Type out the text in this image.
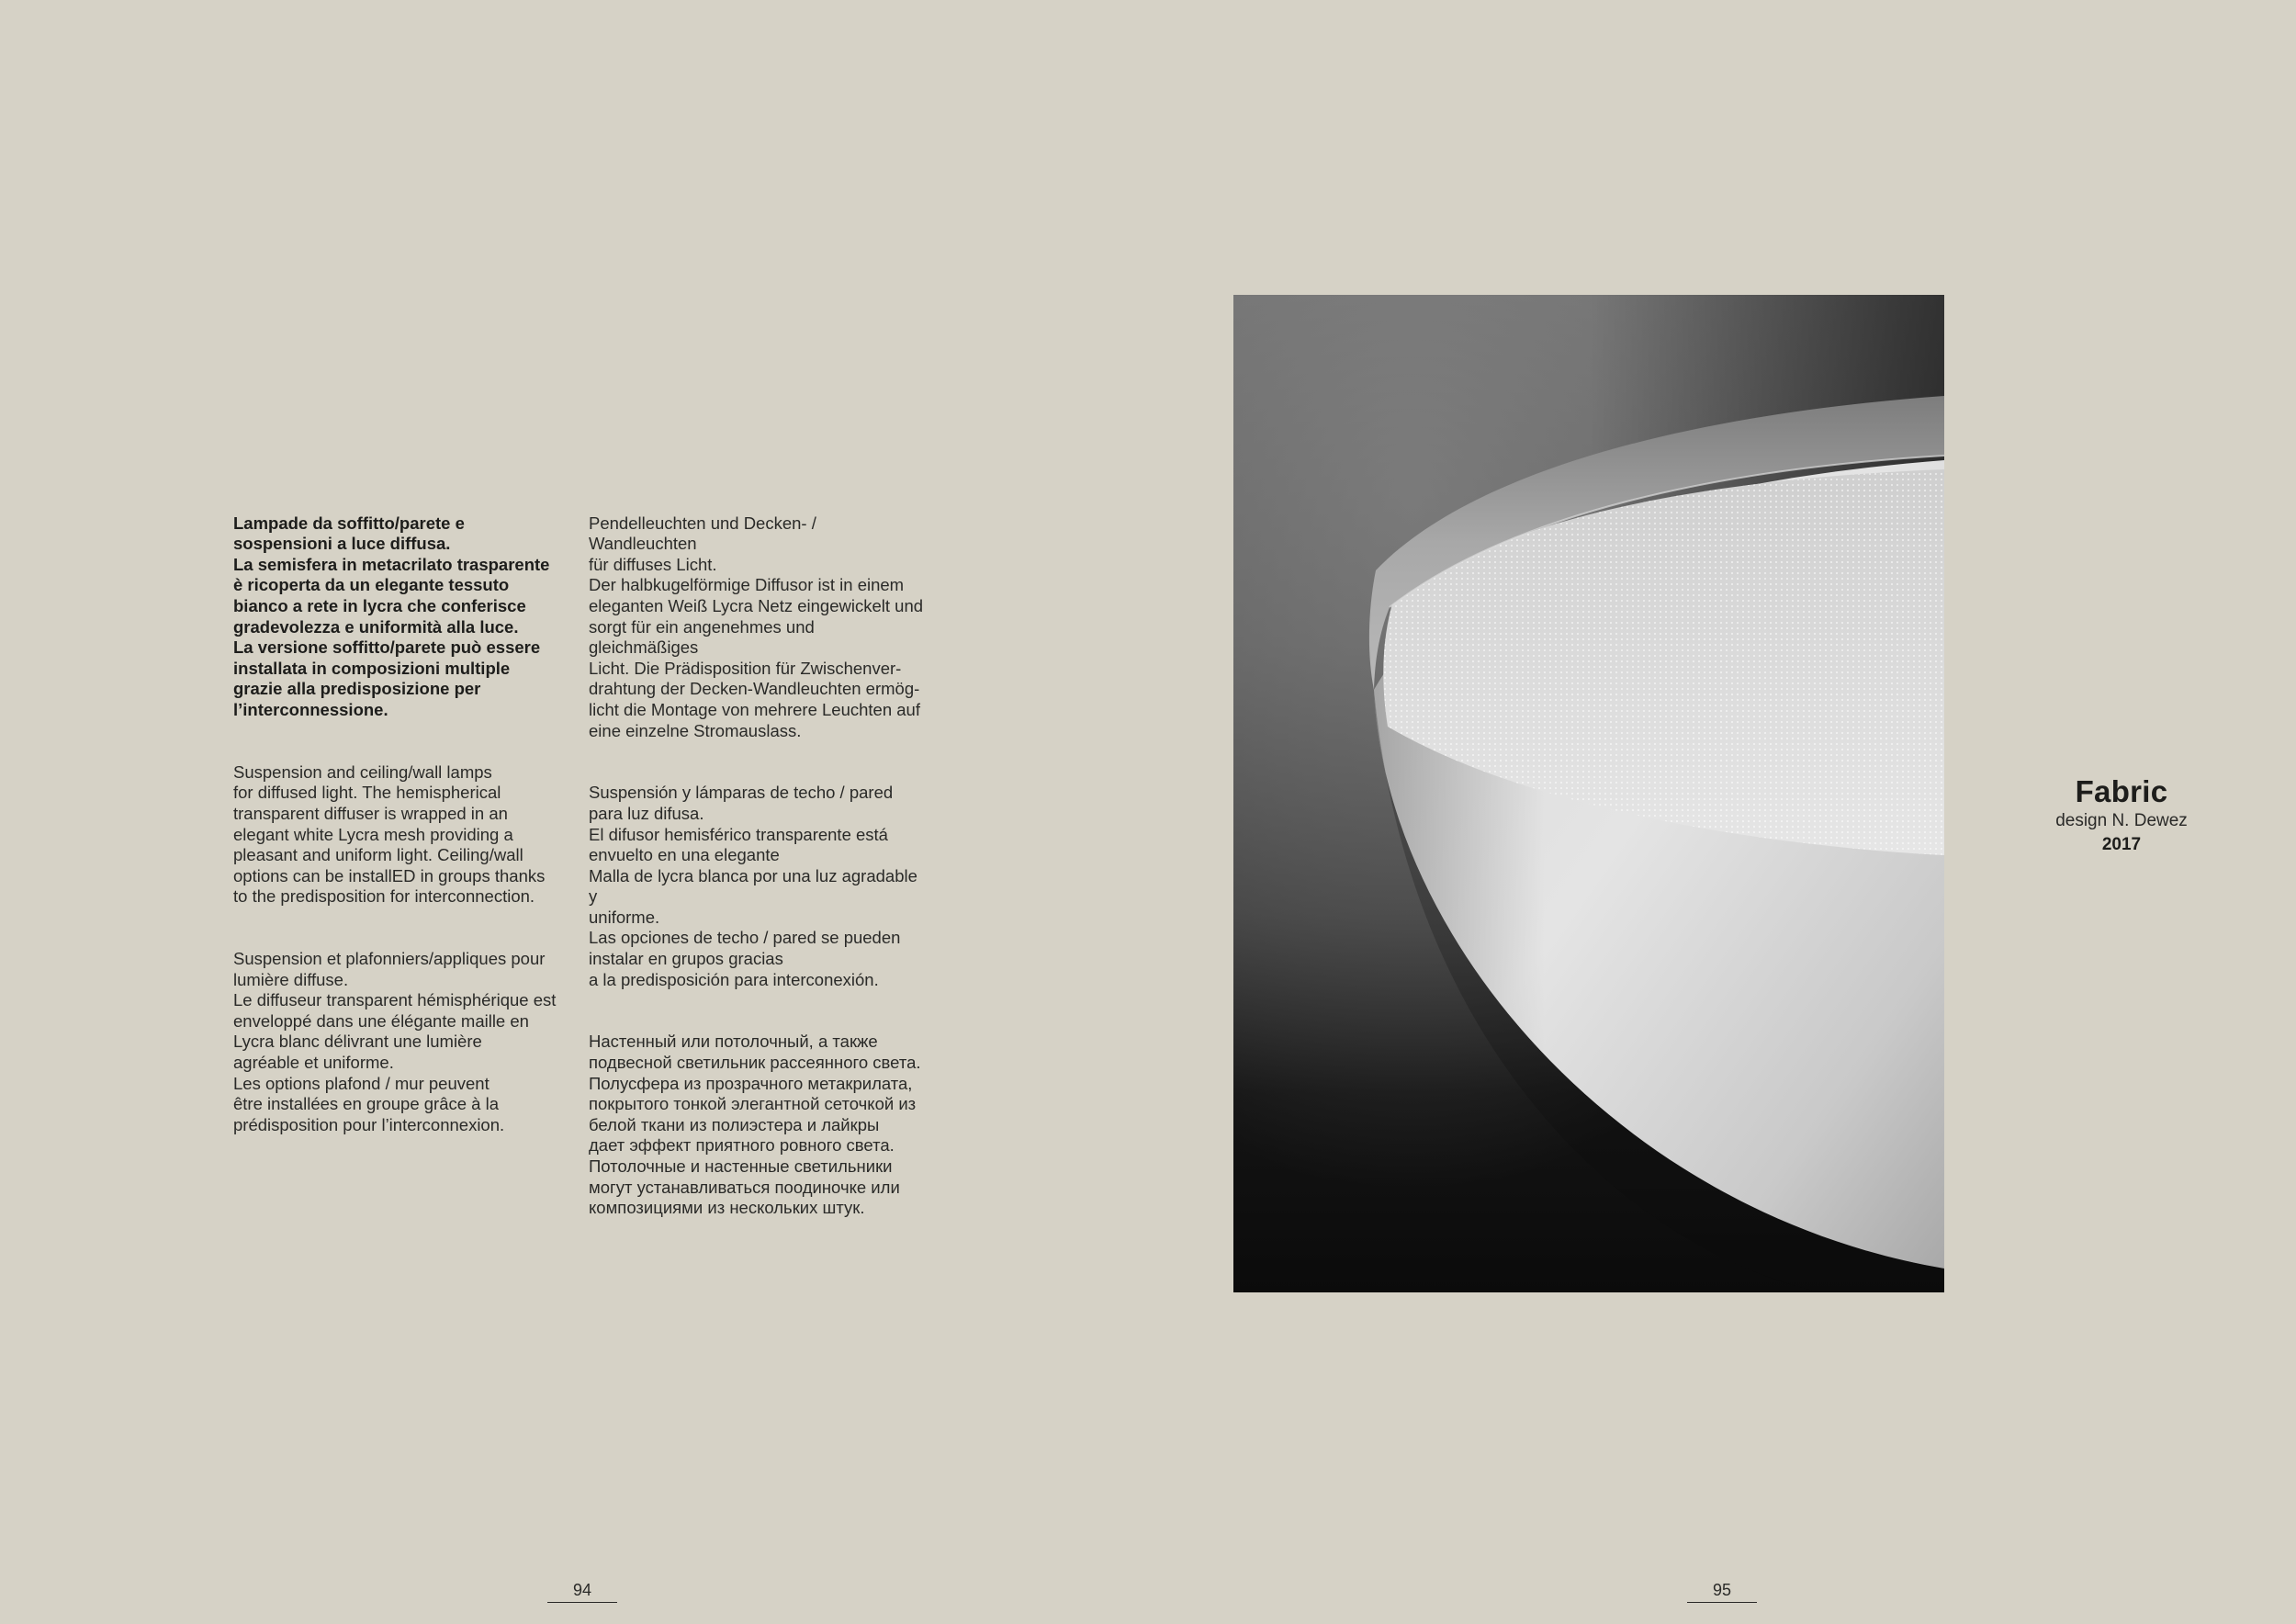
Lampade da soffitto/parete e
sospensioni a luce diffusa.
La semisfera in metacrilato trasparente
è ricoperta da un elegante tessuto
bianco a rete in lycra che conferisce
gradevolezza e uniformità alla luce.
La versione soffitto/parete può essere
installata in composizioni multiple
grazie alla predisposizione per
l’interconnessione.

Suspension and ceiling/wall lamps
for diffused light. The hemispherical
transparent diffuser is wrapped in an
elegant white Lycra mesh providing a
pleasant and uniform light. Ceiling/wall
options can be installED in groups thanks
to the predisposition for interconnection.

Suspension et plafonniers/appliques pour
lumière diffuse.
Le diffuseur transparent hémisphérique est
enveloppé dans une élégante maille en
Lycra blanc délivrant une lumière
agréable et uniforme.
Les options plafond / mur peuvent
être installées en groupe grâce à la
prédisposition pour l’interconnexion.

Pendelleuchten und Decken- / Wandleuchten
für diffuses Licht.
Der halbkugelförmige Diffusor ist in einem
eleganten Weiß Lycra Netz eingewickelt und
sorgt für ein angenehmes und gleichmäßiges
Licht. Die Prädisposition für Zwischenver-
drahtung der Decken-Wandleuchten ermög-
licht die Montage von mehrere Leuchten auf
eine einzelne Stromauslass.

Suspensión y lámparas de techo / pared
para luz difusa.
El difusor hemisférico transparente está
envuelto en una elegante
Malla de lycra blanca por una luz agradable y
uniforme.
Las opciones de techo / pared se pueden
instalar en grupos gracias
a la predisposición para interconexión.

Настенный или потолочный, а также
подвесной светильник рассеянного света.
Полусфера из прозрачного метакрилата,
покрытого тонкой элегантной сеточкой из
белой ткани из полиэстера и лайкры
дает эффект приятного ровного света.
Потолочные и настенные светильники
могут устанавливаться поодиночке или
композициями из нескольких штук.

Fabric
design N. Dewez
2017
94	95
